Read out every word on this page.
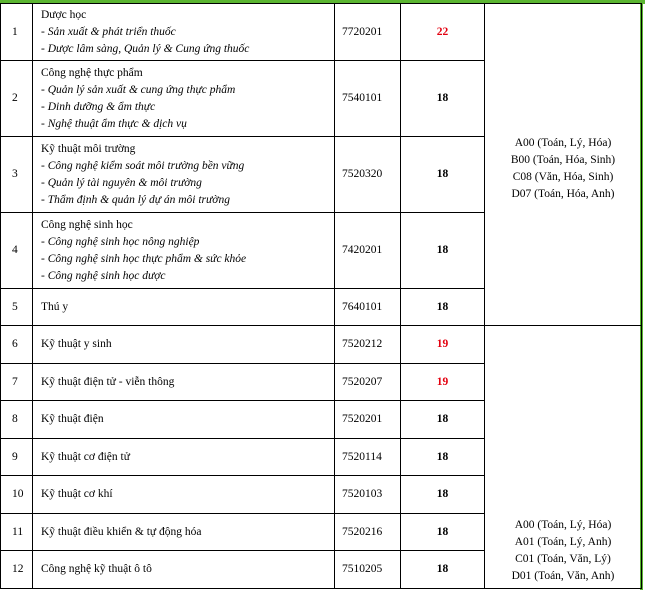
1	Dược học
- Sản xuất & phát triển thuốc
- Dược lâm sàng, Quản lý & Cung ứng thuốc	7720201	22	A00 (Toán, Lý, Hóa)
B00 (Toán, Hóa, Sinh)
C08 (Văn, Hóa, Sinh)
D07 (Toán, Hóa, Anh)

2	Công nghệ thực phẩm
- Quản lý sản xuất & cung ứng thực phẩm
- Dinh dưỡng & ẩm thực
- Nghệ thuật ẩm thực & dịch vụ	7540101	18	
3	Kỹ thuật môi trường
- Công nghệ kiểm soát môi trường bền vững
- Quản lý tài nguyên & môi trường
- Thẩm định & quản lý dự án môi trường	7520320	18	
4	Công nghệ sinh học
- Công nghệ sinh học nông nghiệp
- Công nghệ sinh học thực phẩm & sức khỏe
- Công nghệ sinh học dược	7420201	18	
5	Thú y	7640101	18	
6	Kỹ thuật y sinh	7520212	19	A00 (Toán, Lý, Hóa)
A01 (Toán, Lý, Anh)
C01 (Toán, Văn, Lý)
D01 (Toán, Văn, Anh)

7	Kỹ thuật điện tử - viễn thông	7520207	19	
8	Kỹ thuật điện	7520201	18	
9	Kỹ thuật cơ điện tử	7520114	18	
10	Kỹ thuật cơ khí	7520103	18	
11	Kỹ thuật điều khiển & tự động hóa	7520216	18	
12	Công nghệ kỹ thuật ô tô	7510205	18	
